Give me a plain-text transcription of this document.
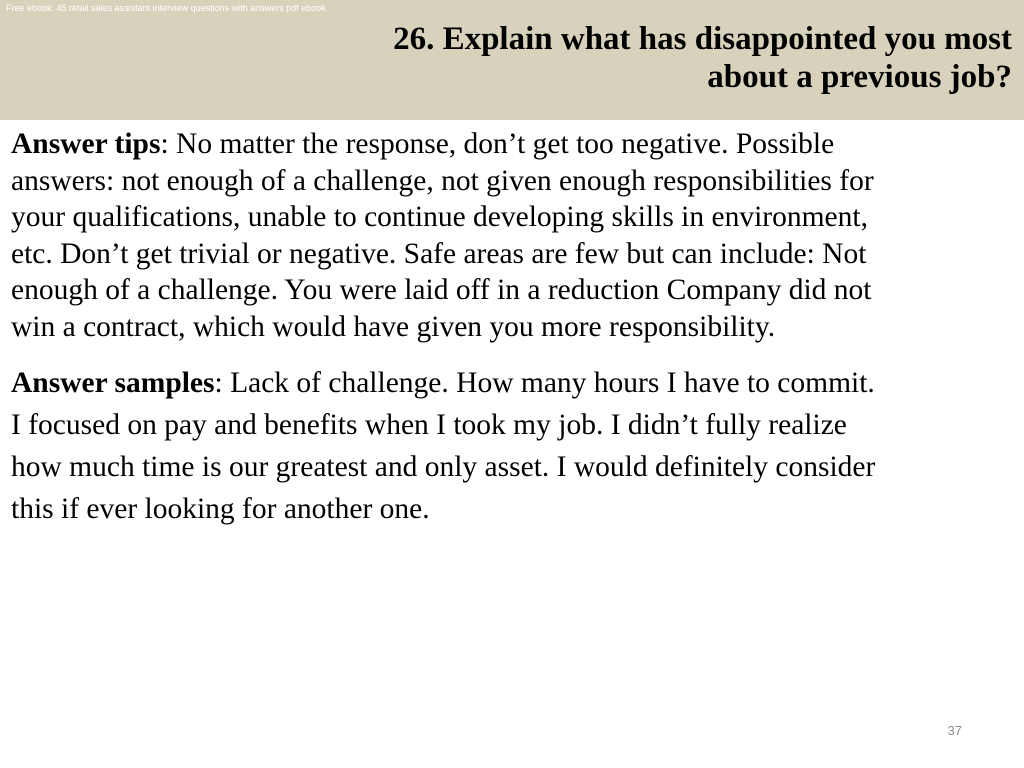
Free ebook: 45 retail sales assistant interview questions with answers pdf ebook
26. Explain what has disappointed you most
about a previous job?

Answer tips: No matter the response, don’t get too negative. Possible
answers: not enough of a challenge, not given enough responsibilities for
your qualifications, unable to continue developing skills in environment,
etc. Don’t get trivial or negative. Safe areas are few but can include: Not
enough of a challenge. You were laid off in a reduction Company did not
win a contract, which would have given you more responsibility.

Answer samples: Lack of challenge. How many hours I have to commit.
I focused on pay and benefits when I took my job. I didn’t fully realize
how much time is our greatest and only asset. I would definitely consider
this if ever looking for another one.

37
